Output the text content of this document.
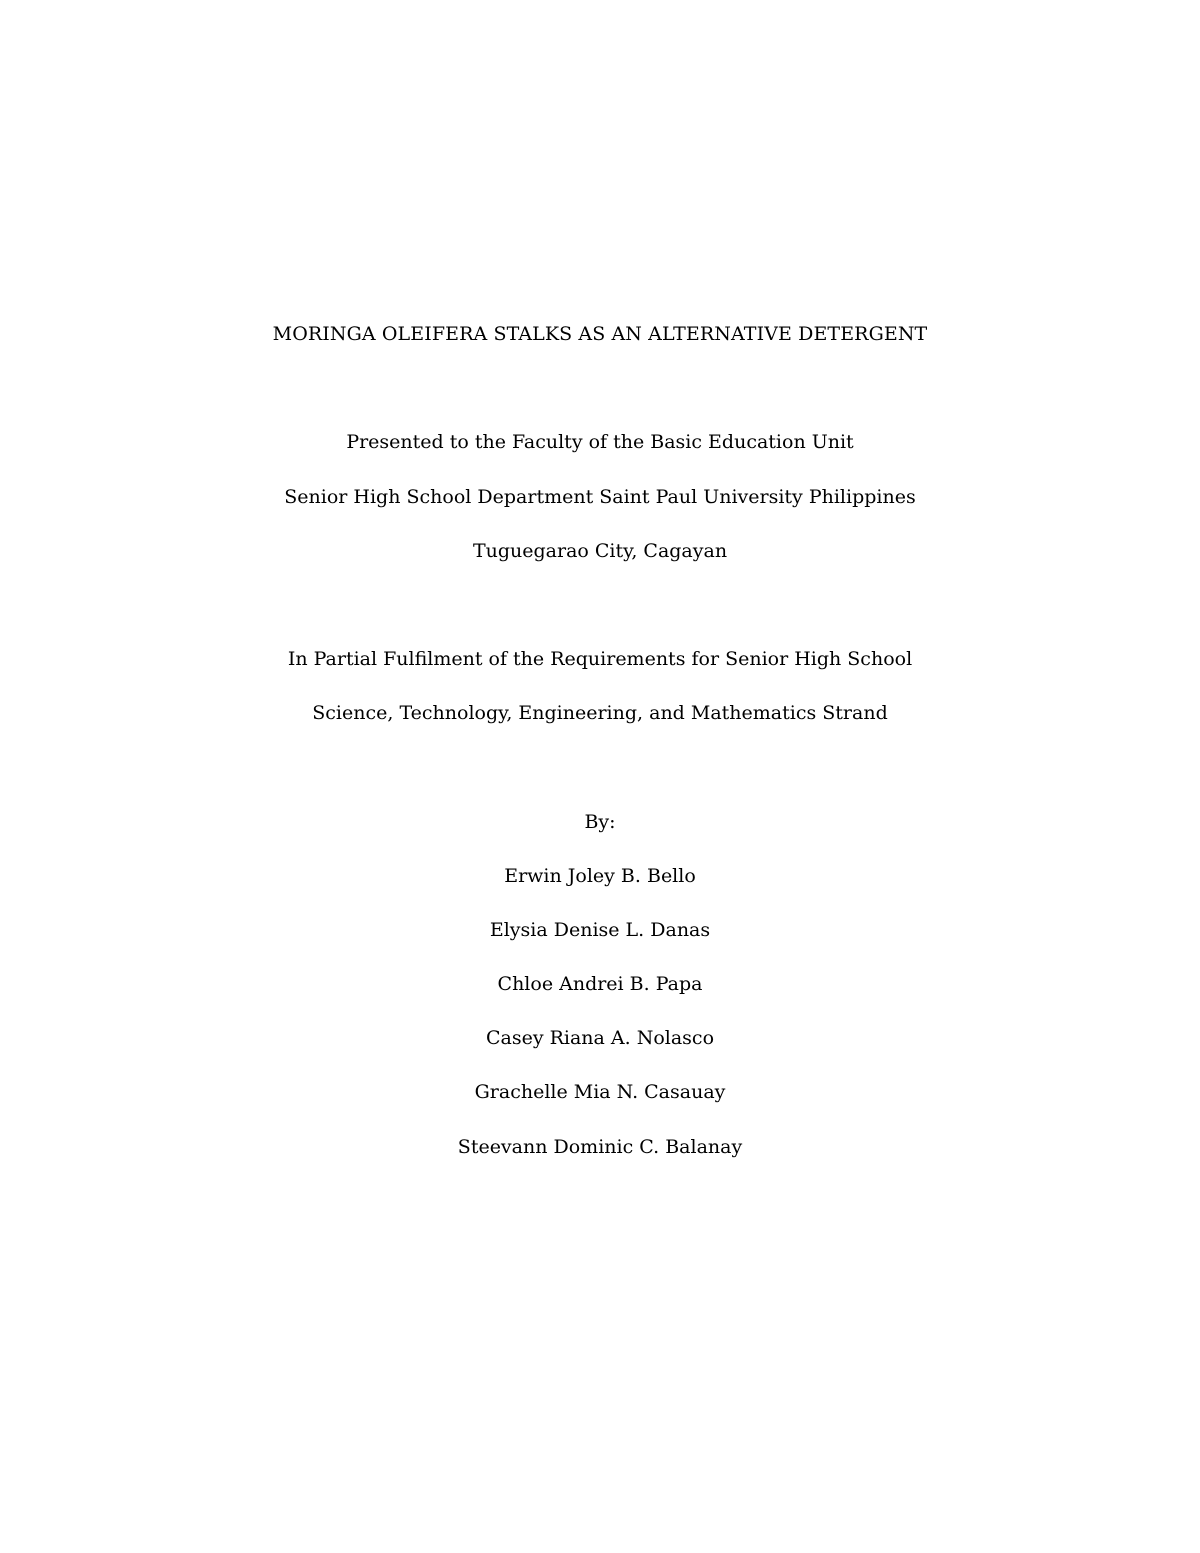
MORINGA OLEIFERA STALKS AS AN ALTERNATIVE DETERGENT
Presented to the Faculty of the Basic Education Unit
Senior High School Department Saint Paul University Philippines
Tuguegarao City, Cagayan
In Partial Fulfilment of the Requirements for Senior High School
Science, Technology, Engineering, and Mathematics Strand
By:
Erwin Joley B. Bello
Elysia Denise L. Danas
Chloe Andrei B. Papa
Casey Riana A. Nolasco
Grachelle Mia N. Casauay
Steevann Dominic C. Balanay
